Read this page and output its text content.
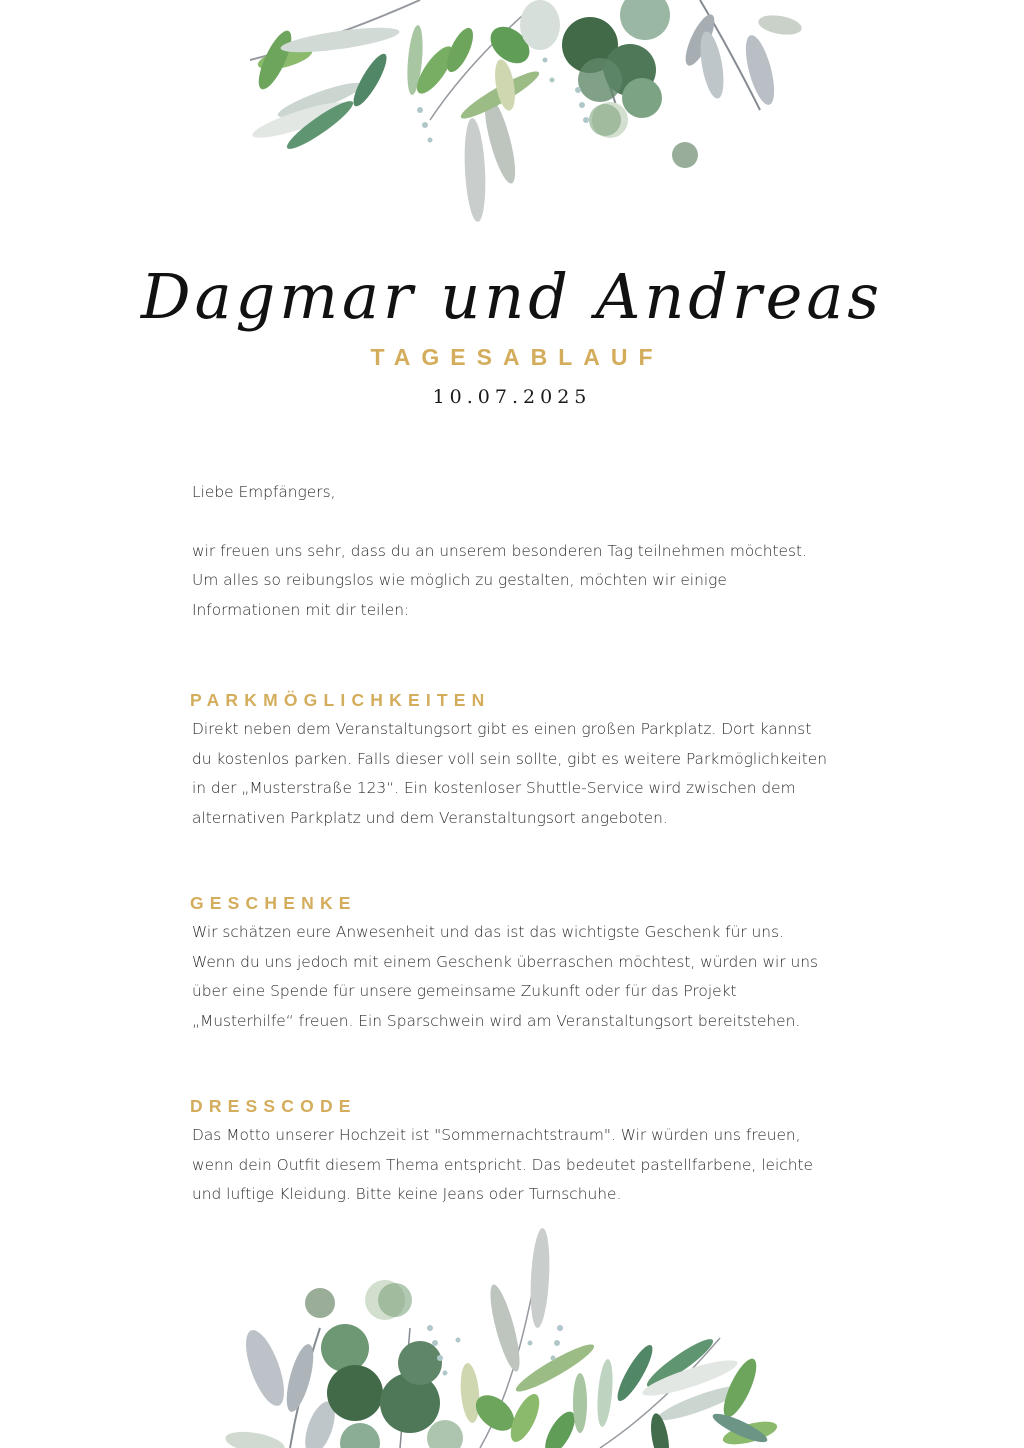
Dagmar und Andreas
TAGESABLAUF
10.07.2025

Liebe Empfängers,

wir freuen uns sehr, dass du an unserem besonderen Tag teilnehmen möchtest.
Um alles so reibungslos wie möglich zu gestalten, möchten wir einige
Informationen mit dir teilen:

PARKMÖGLICHKEITEN

Direkt neben dem Veranstaltungsort gibt es einen großen Parkplatz. Dort kannst
du kostenlos parken. Falls dieser voll sein sollte, gibt es weitere Parkmöglichkeiten
in der „Musterstraße 123“. Ein kostenloser Shuttle-Service wird zwischen dem
alternativen Parkplatz und dem Veranstaltungsort angeboten.

GESCHENKE

Wir schätzen eure Anwesenheit und das ist das wichtigste Geschenk für uns.
Wenn du uns jedoch mit einem Geschenk überraschen möchtest, würden wir uns
über eine Spende für unsere gemeinsame Zukunft oder für das Projekt
„Musterhilfe“ freuen. Ein Sparschwein wird am Veranstaltungsort bereitstehen.

DRESSCODE

Das Motto unserer Hochzeit ist "Sommernachtstraum". Wir würden uns freuen,
wenn dein Outfit diesem Thema entspricht. Das bedeutet pastellfarbene, leichte
und luftige Kleidung. Bitte keine Jeans oder Turnschuhe.
